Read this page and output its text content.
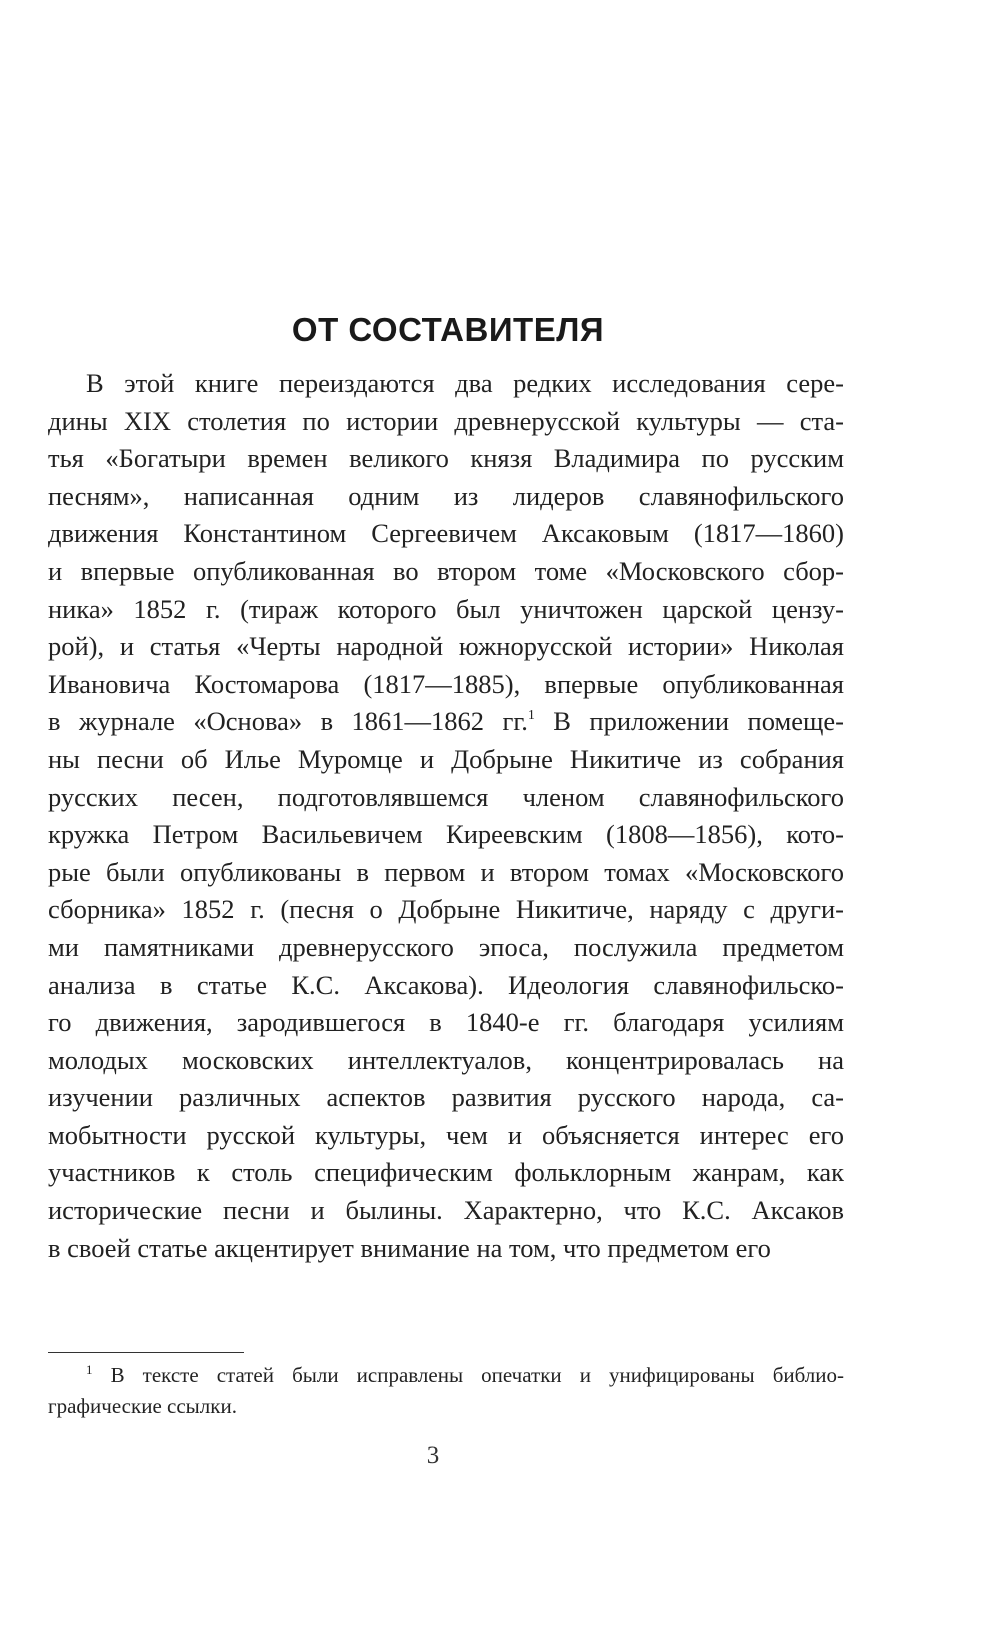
ОТ СОСТАВИТЕЛЯ
В этой книге переиздаются два редких исследования сере-
дины XIX столетия по истории древнерусской культуры — ста-
тья «Богатыри времен великого князя Владимира по русским
песням», написанная одним из лидеров славянофильского
движения Константином Сергеевичем Аксаковым (1817—1860)
и впервые опубликованная во втором томе «Московского сбор-
ника» 1852 г. (тираж которого был уничтожен царской цензу-
рой), и статья «Черты народной южнорусской истории» Николая
Ивановича Костомарова (1817—1885), впервые опубликованная
в журнале «Основа» в 1861—1862 гг.$^1$ В приложении помеще-
ны песни об Илье Муромце и Добрыне Никитиче из собрания
русских песен, подготовлявшемся членом славянофильского
кружка Петром Васильевичем Киреевским (1808—1856), кото-
рые были опубликованы в первом и втором томах «Московского
сборника» 1852 г. (песня о Добрыне Никитиче, наряду с други-
ми памятниками древнерусского эпоса, послужила предметом
анализа в статье К.С. Аксакова). Идеология славянофильско-
го движения, зародившегося в 1840-е гг. благодаря усилиям
молодых московских интеллектуалов, концентрировалась на
изучении различных аспектов развития русского народа, са-
мобытности русской культуры, чем и объясняется интерес его
участников к столь специфическим фольклорным жанрам, как
исторические песни и былины. Характерно, что К.С. Аксаков
в своей статье акцентирует внимание на том, что предметом его
$^1$ В тексте статей были исправлены опечатки и унифицированы библио-
графические ссылки.
3
